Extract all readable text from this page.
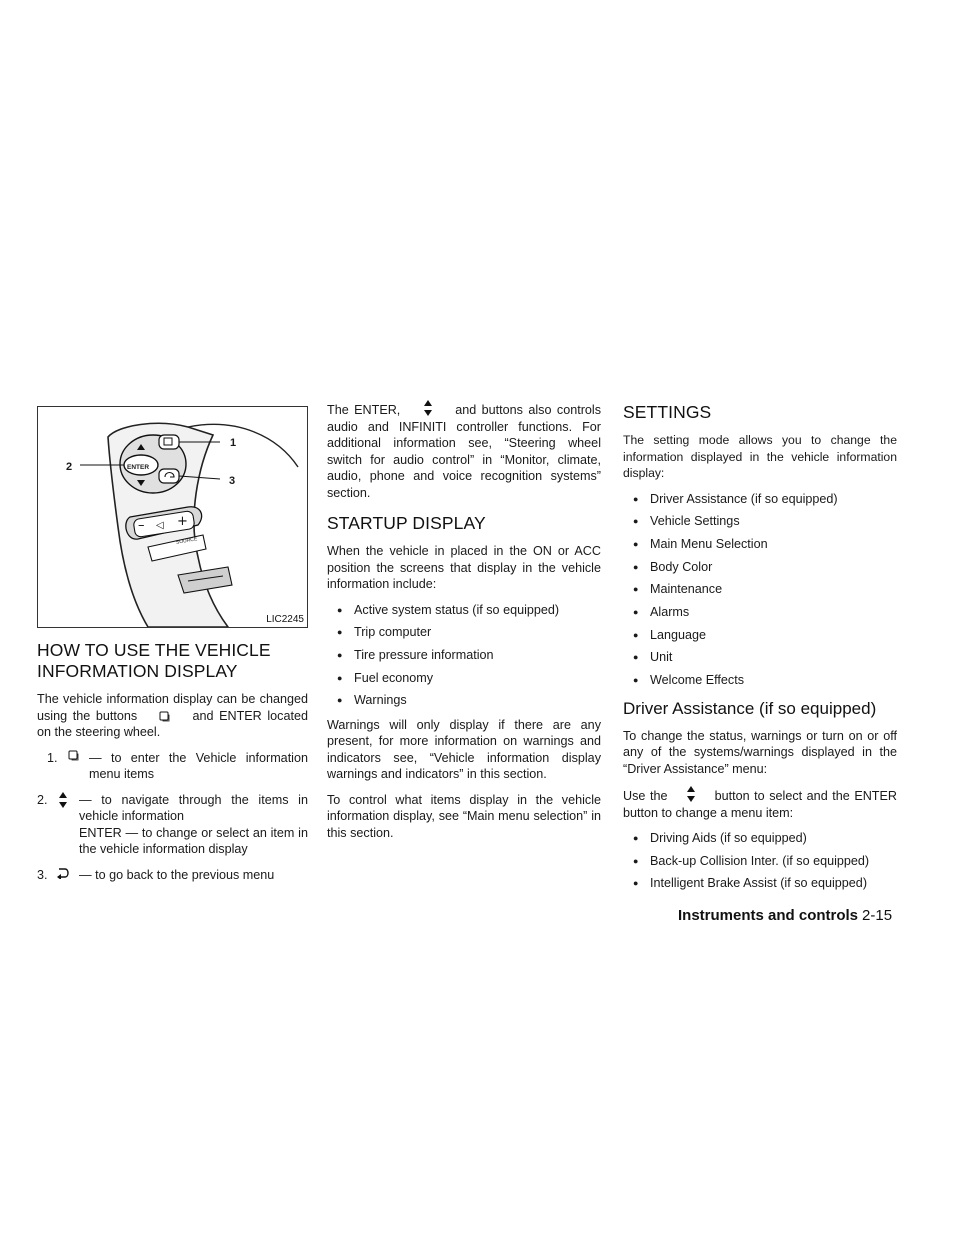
– ◁ +
1
2
3
ENTER
SOURCE
LIC2245
HOW TO USE THE VEHICLE INFORMATION DISPLAY

The vehicle information display can be changed using the buttons	and ENTER located on the steering wheel.

1. — to enter the Vehicle information menu items
2. — to navigate through the items in vehicle information
ENTER — to change or select an item in the vehicle information display
3. — to go back to the previous menu

The ENTER,	and buttons also controls audio and INFINITI controller functions. For additional information see, “Steering wheel switch for audio control” in “Monitor, climate, audio, phone and voice recognition systems” section.

STARTUP DISPLAY

When the vehicle in placed in the ON or ACC position the screens that display in the vehicle information include:

● Active system status (if so equipped)
● Trip computer
● Tire pressure information
● Fuel economy
● Warnings

Warnings will only display if there are any present, for more information on warnings and indicators see, “Vehicle information display warnings and indicators” in this section.

To control what items display in the vehicle information display, see “Main menu selection” in this section.

SETTINGS

The setting mode allows you to change the information displayed in the vehicle information display:

● Driver Assistance (if so equipped)
● Vehicle Settings
● Main Menu Selection
● Body Color
● Maintenance
● Alarms
● Language
● Unit
● Welcome Effects
Driver Assistance (if so equipped)

To change the status, warnings or turn on or off any of the systems/warnings displayed in the “Driver Assistance” menu:

Use the	button to select and the ENTER button to change a menu item:

● Driving Aids (if so equipped)
● Back-up Collision Inter. (if so equipped)
● Intelligent Brake Assist (if so equipped)
Instruments and controls 2-15
